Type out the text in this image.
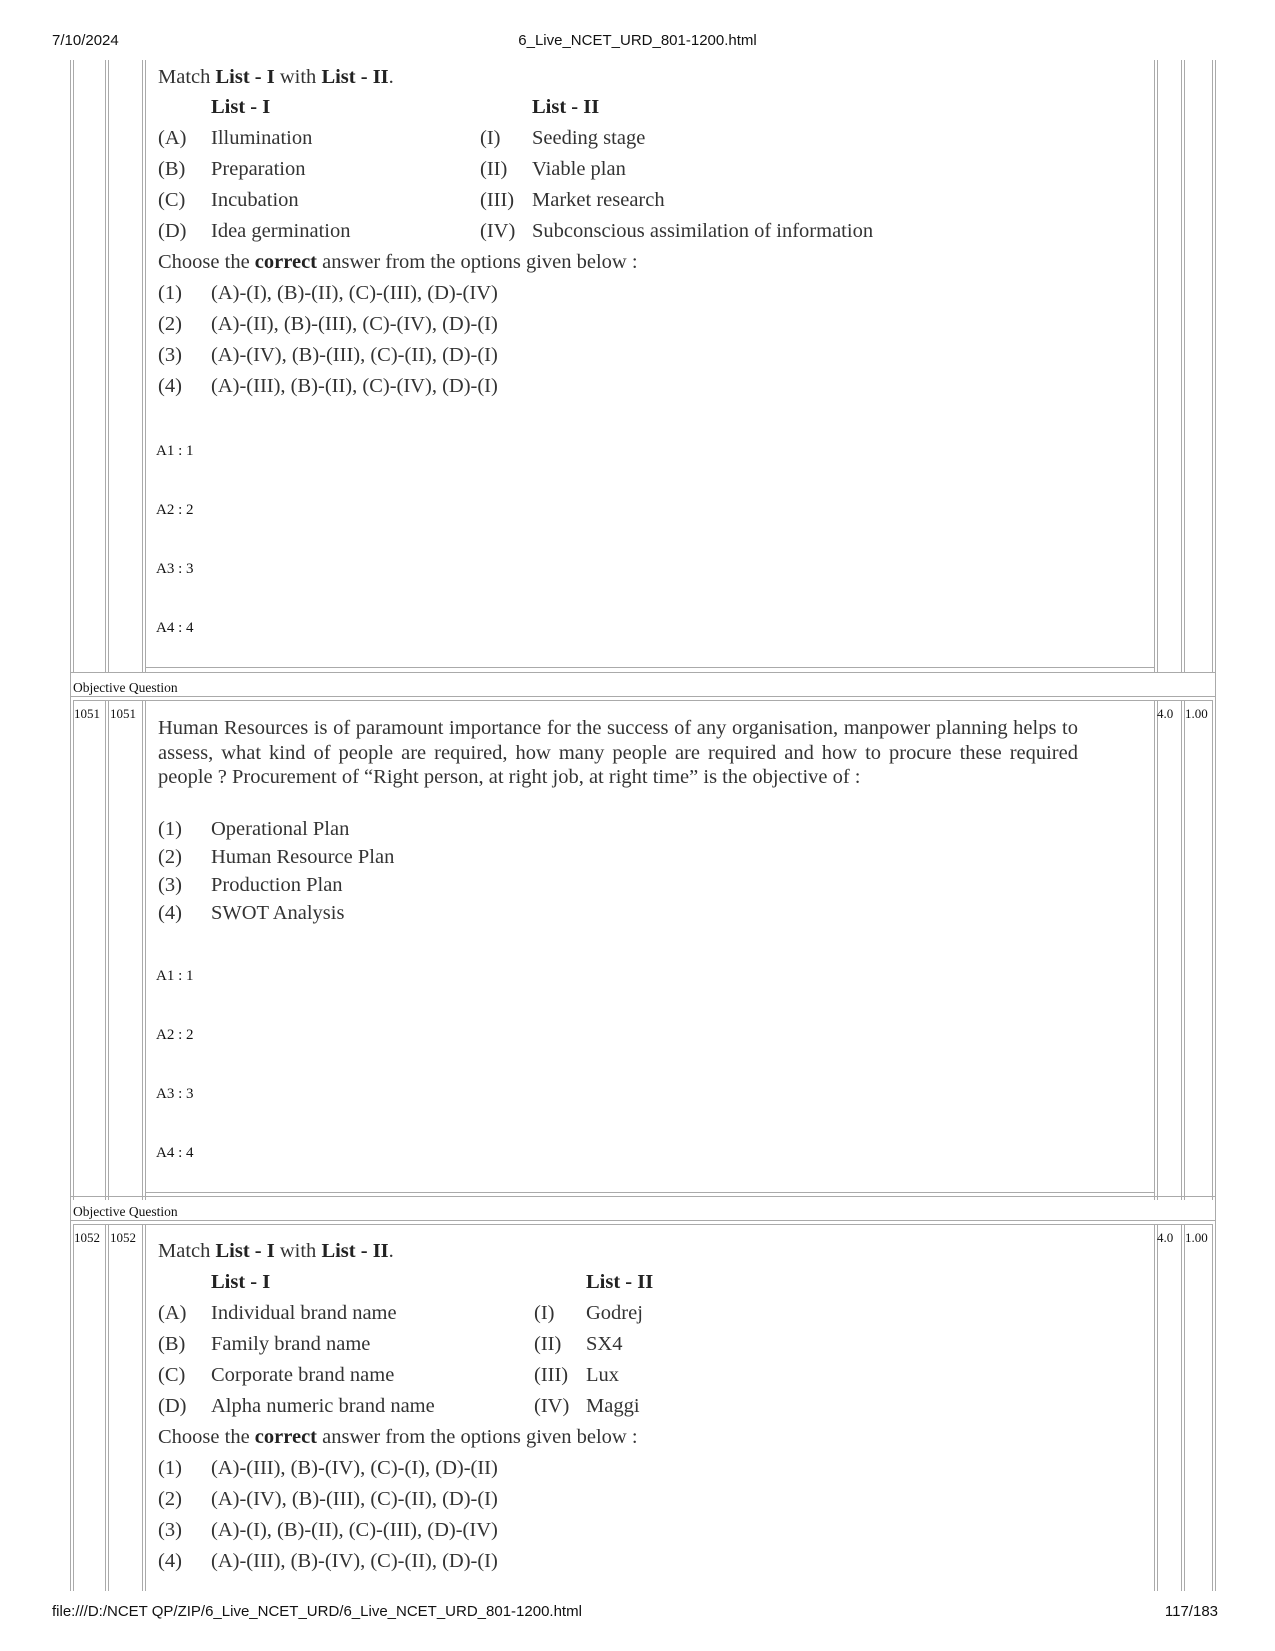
7/10/2024	6_Live_NCET_URD_801-1200.html
file:///D:/NCET QP/ZIP/6_Live_NCET_URD/6_Live_NCET_URD_801-1200.html	117/183
Match List - I with List - II.
List - I	List - II
(A) Illumination	(I) Seeding stage
(B) Preparation	(II) Viable plan
(C) Incubation	(III) Market research
(D) Idea germination	(IV) Subconscious assimilation of information
Choose the correct answer from the options given below :
(1) (A)-(I), (B)-(II), (C)-(III), (D)-(IV)
(2) (A)-(II), (B)-(III), (C)-(IV), (D)-(I)
(3) (A)-(IV), (B)-(III), (C)-(II), (D)-(I)
(4) (A)-(III), (B)-(II), (C)-(IV), (D)-(I)
A1 : 1
A2 : 2
A3 : 3
A4 : 4
Objective Question
1051 1051	4.0 1.00
Human Resources is of paramount importance for the success of any organisation, manpower planning helps to assess, what kind of people are required, how many people are required and how to procure these required people ? Procurement of “Right person, at right job, at right time” is the objective of :
(1) Operational Plan
(2) Human Resource Plan
(3) Production Plan
(4) SWOT Analysis
A1 : 1
A2 : 2
A3 : 3
A4 : 4
Objective Question
1052 1052	4.0 1.00
Match List - I with List - II.
List - I	List - II
(A) Individual brand name	(I) Godrej
(B) Family brand name	(II) SX4
(C) Corporate brand name	(III) Lux
(D) Alpha numeric brand name	(IV) Maggi
Choose the correct answer from the options given below :
(1) (A)-(III), (B)-(IV), (C)-(I), (D)-(II)
(2) (A)-(IV), (B)-(III), (C)-(II), (D)-(I)
(3) (A)-(I), (B)-(II), (C)-(III), (D)-(IV)
(4) (A)-(III), (B)-(IV), (C)-(II), (D)-(I)
